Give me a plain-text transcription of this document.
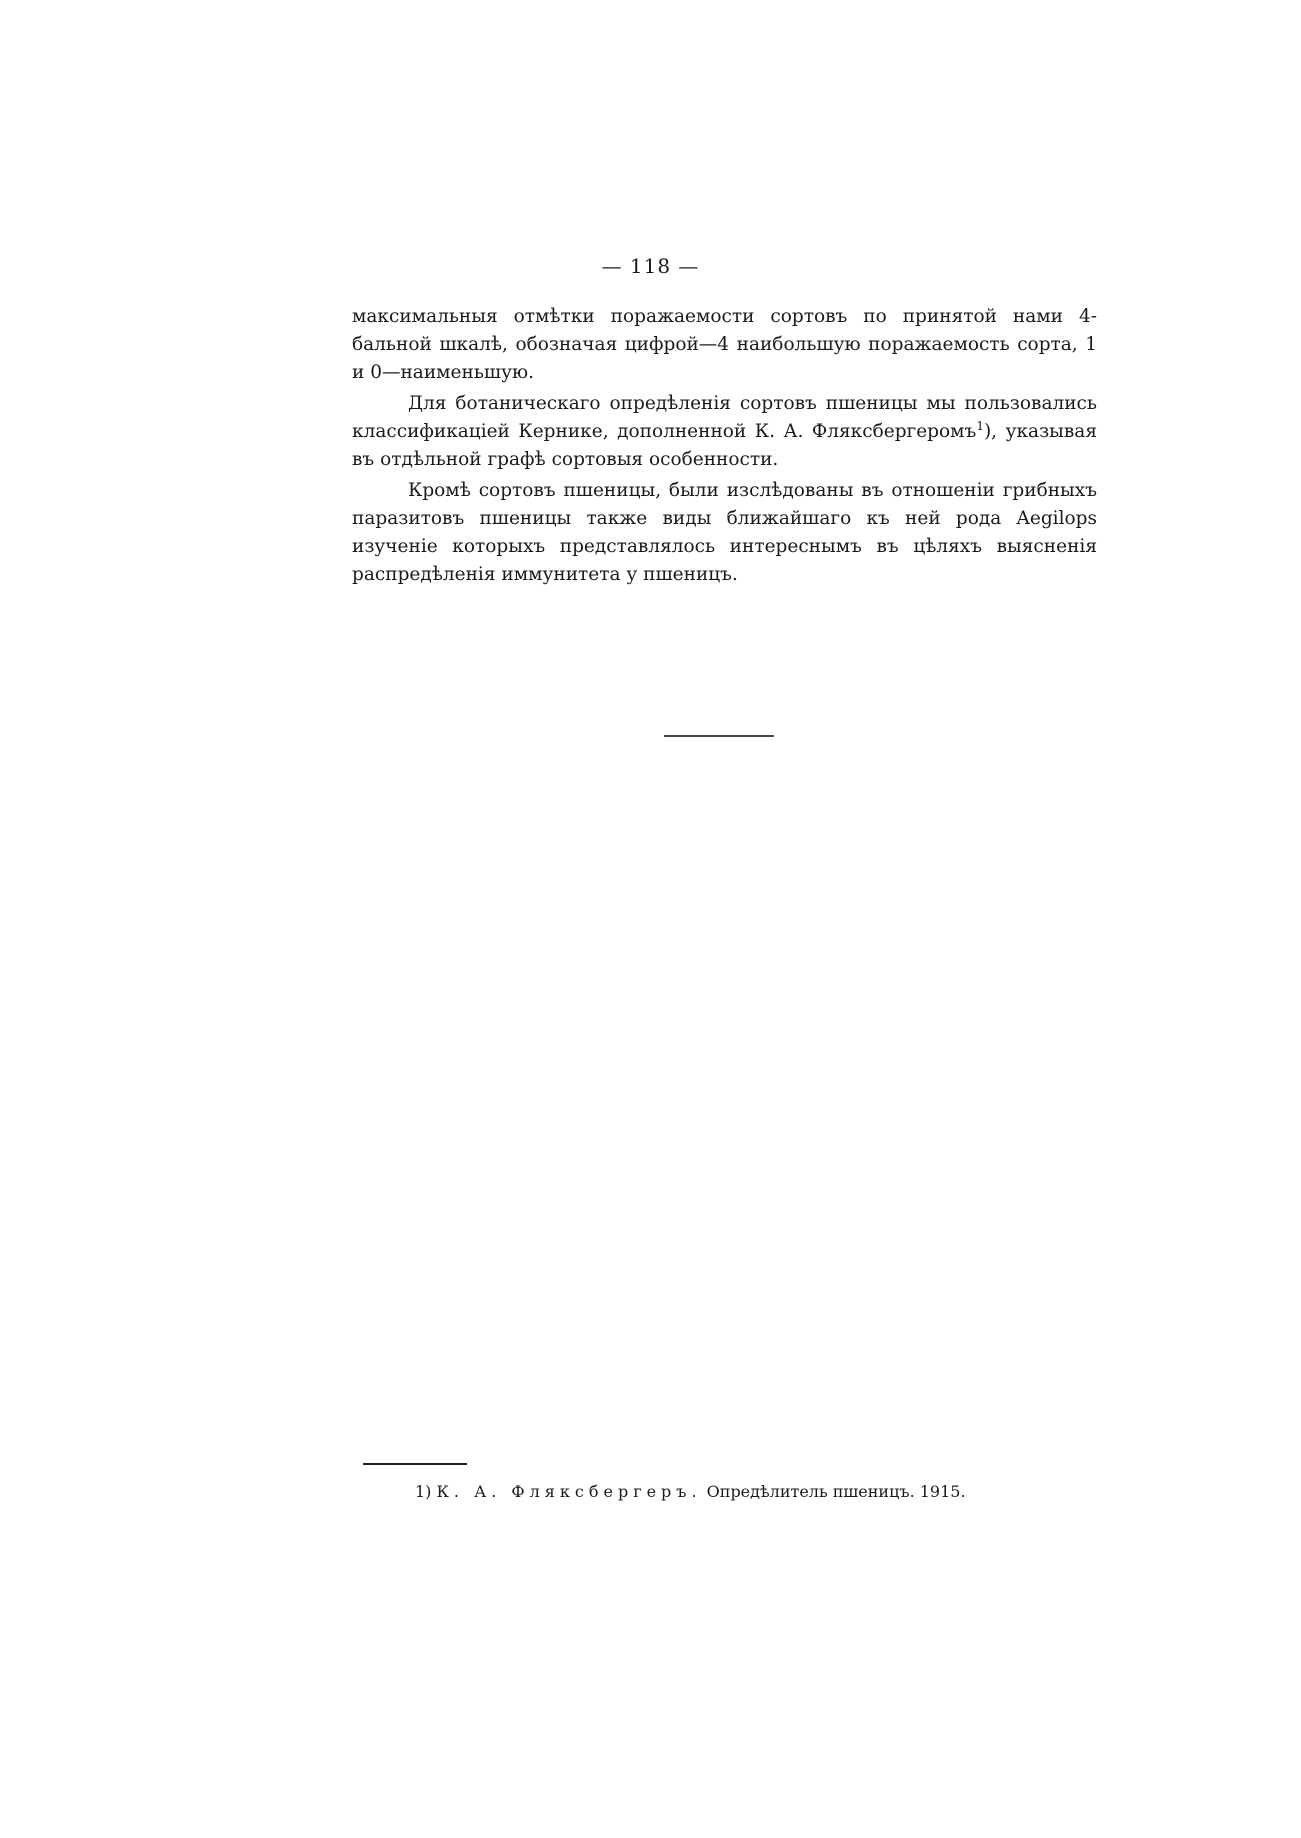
— 118 —

максимальныя отмѣтки поражаемости сортовъ по принятой нами 4-бальной шкалѣ, обозначая цифрой—4 наибольшую поражаемость сорта, 1 и 0—наименьшую.

Для ботаническаго опредѣленія сортовъ пшеницы мы пользовались классификаціей Кернике, дополненной К. А. Фляксбергеромъ$^1$), указывая въ отдѣльной графѣ сортовыя особенности.

Кромѣ сортовъ пшеницы, были изслѣдованы въ отношеніи грибныхъ паразитовъ пшеницы также виды ближайшаго къ ней рода Aegilops изученіе которыхъ представлялось интереснымъ въ цѣляхъ выясненія распредѣленія иммунитета у пшеницъ.

1) К. А. Фляксбергеръ. Опредѣлитель пшеницъ. 1915.
